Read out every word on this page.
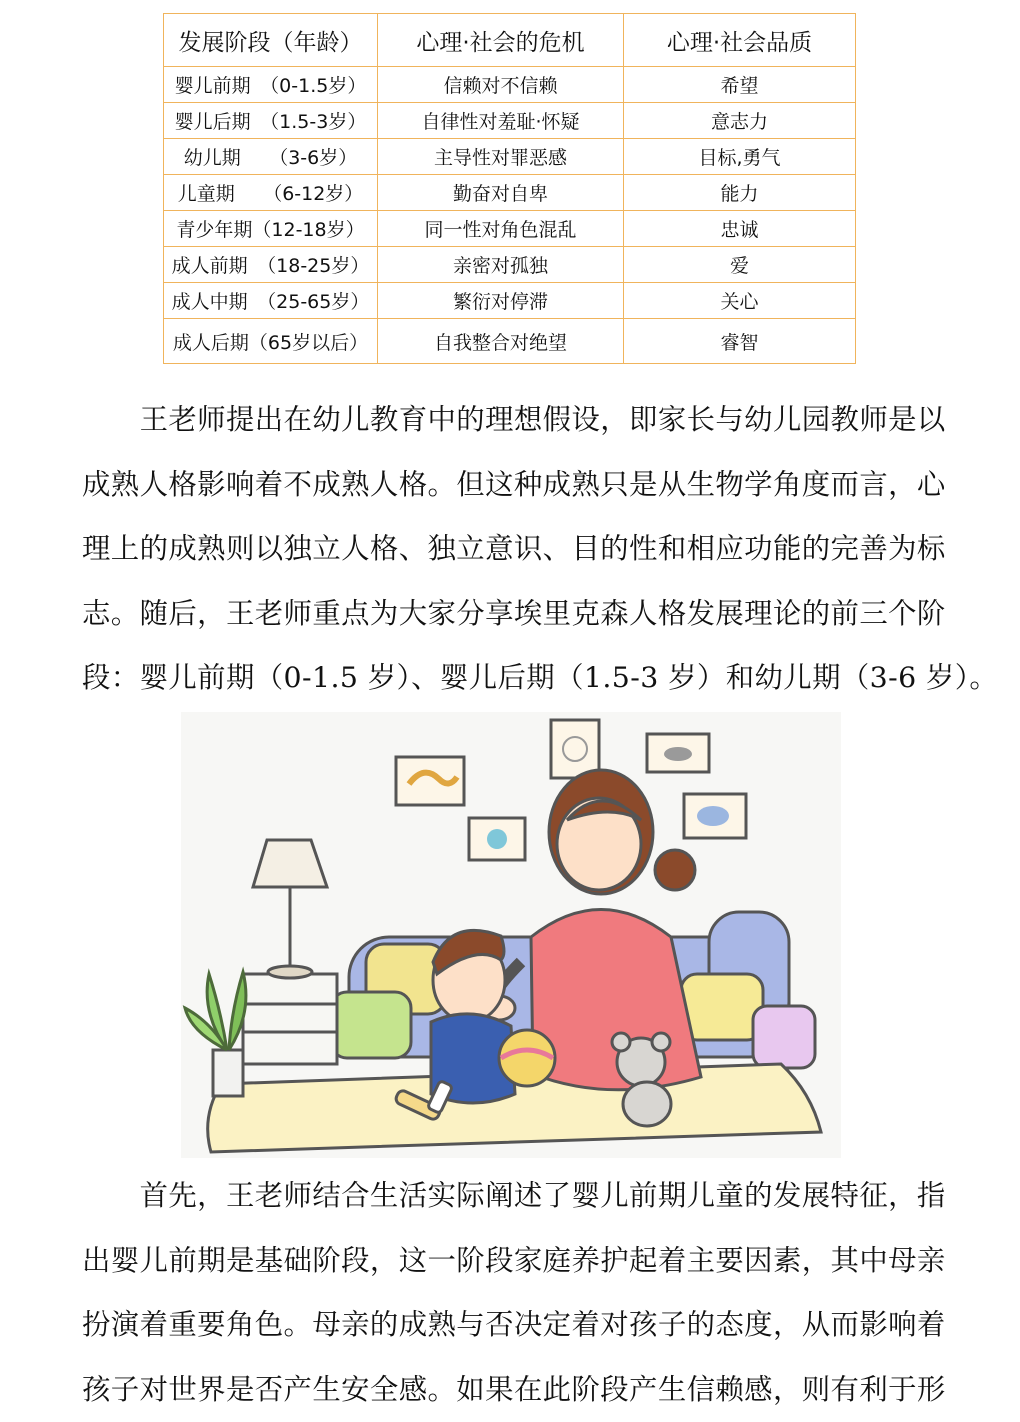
发展阶段（年龄）	心理·社会的危机	心理·社会品质
婴儿前期　（0-1.5岁）	信赖对不信赖	希望
婴儿后期　（1.5-3岁）	自律性对羞耻·怀疑	意志力
幼儿期　　（3-6岁）	主导性对罪恶感	目标,勇气
儿童期　　（6-12岁）	勤奋对自卑	能力
青少年期（12-18岁）	同一性对角色混乱	忠诚
成人前期　（18-25岁）	亲密对孤独	爱
成人中期　（25-65岁）	繁衍对停滞	关心
成人后期（65岁以后）	自我整合对绝望	睿智
　　王老师提出在幼儿教育中的理想假设，即家长与幼儿园教师是以
成熟人格影响着不成熟人格。但这种成熟只是从生物学角度而言，心
理上的成熟则以独立人格、独立意识、目的性和相应功能的完善为标
志。随后，王老师重点为大家分享埃里克森人格发展理论的前三个阶
段：婴儿前期（0-1.5 岁）、婴儿后期（1.5-3 岁）和幼儿期（3-6 岁）。
　　首先，王老师结合生活实际阐述了婴儿前期儿童的发展特征，指
出婴儿前期是基础阶段，这一阶段家庭养护起着主要因素，其中母亲
扮演着重要角色。母亲的成熟与否决定着对孩子的态度，从而影响着
孩子对世界是否产生安全感。如果在此阶段产生信赖感，则有利于形
